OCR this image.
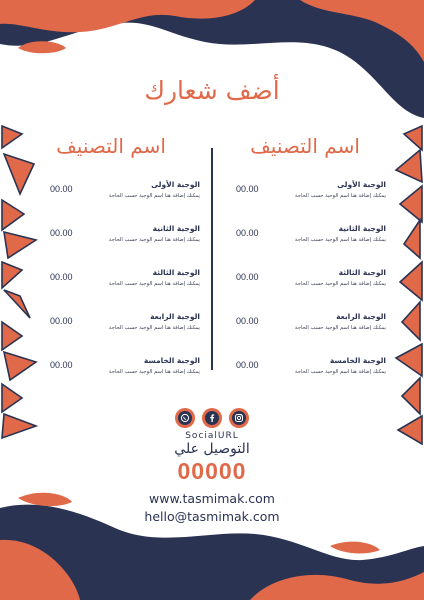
أضف شعارك
اسم التصنيف	اسم التصنيف
الوجبة الأولى
يمكنك إضافة هنا اسم الوجبة حسب الحاجة
00.00
الوجبة الثانية
يمكنك إضافة هنا اسم الوجبة حسب الحاجة
00.00
الوجبة الثالثة
يمكنك إضافة هنا اسم الوجبة حسب الحاجة
00.00
الوجبة الرابعة
يمكنك إضافة هنا اسم الوجبة حسب الحاجة
00.00
الوجبة الخامسة
يمكنك إضافة هنا اسم الوجبة حسب الحاجة
00.00
الوجبة الأولى
يمكنك إضافة هنا اسم الوجبة حسب الحاجة
00.00
الوجبة الثانية
يمكنك إضافة هنا اسم الوجبة حسب الحاجة
00.00
الوجبة الثالثة
يمكنك إضافة هنا اسم الوجبة حسب الحاجة
00.00
الوجبة الرابعة
يمكنك إضافة هنا اسم الوجبة حسب الحاجة
00.00
الوجبة الخامسة
يمكنك إضافة هنا اسم الوجبة حسب الحاجة
00.00
SocialURL
التوصيل علي
00000
www.tasmimak.com
hello@tasmimak.com
